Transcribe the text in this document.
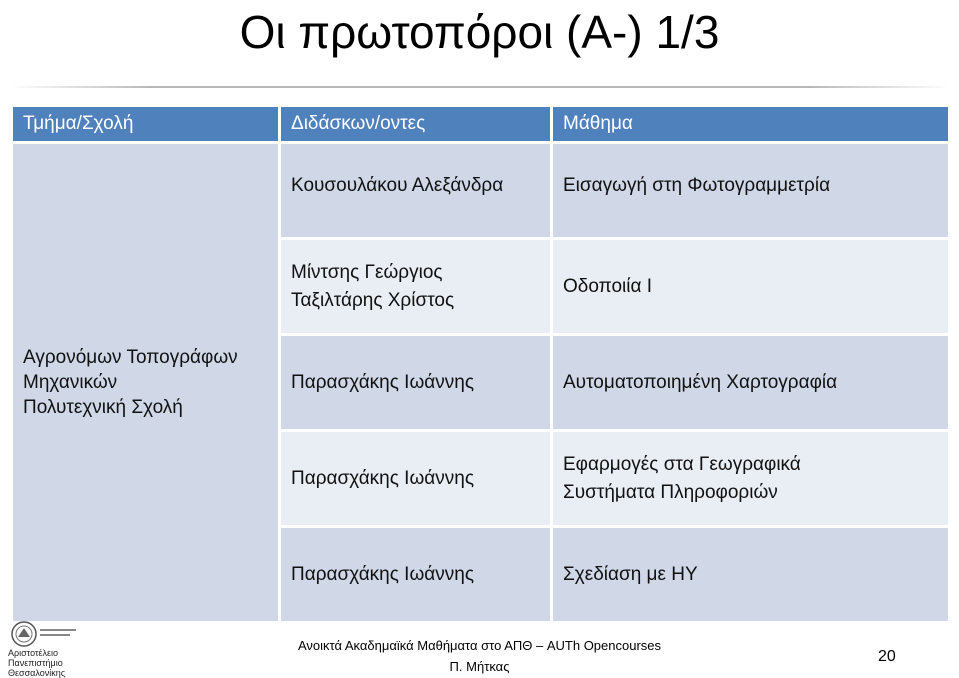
Οι πρωτοπόροι (Α-) 1/3
Τμήμα/Σχολή	Διδάσκων/οντες	Μάθημα

Αγρονόμων Τοπογράφων
Μηχανικών
Πολυτεχνική Σχολή	Κουσουλάκου Αλεξάνδρα	Εισαγωγή στη Φωτογραμμετρία

	Μίντσης Γεώργιος
Ταξιλτάρης Χρίστος	Οδοποιία Ι

	Παρασχάκης Ιωάννης	Αυτοματοποιημένη Χαρτογραφία

	Παρασχάκης Ιωάννης	Εφαρμογές στα Γεωγραφικά
Συστήματα Πληροφοριών

	Παρασχάκης Ιωάννης	Σχεδίαση με ΗΥ
Αριστοτέλειο
Πανεπιστήμιο
Θεσσαλονίκης
Ανοικτά Ακαδημαϊκά Μαθήματα στο ΑΠΘ – AUTh Opencourses
Π. Μήτκας
20
